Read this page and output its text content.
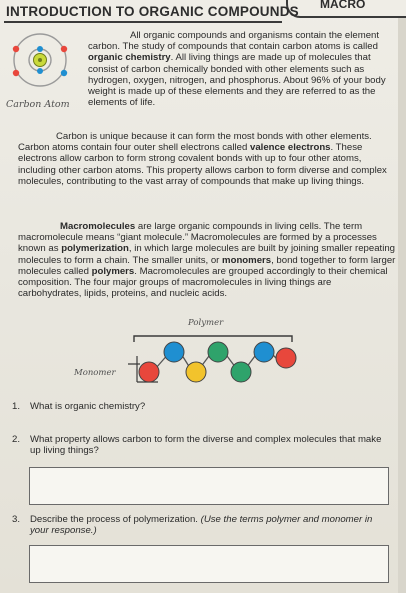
MACRO
INTRODUCTION TO ORGANIC COMPOUNDS
Carbon Atom

All organic compounds and organisms contain the element carbon. The study of compounds that contain carbon atoms is called organic chemistry. All living things are made up of molecules that consist of carbon chemically bonded with other elements such as hydrogen, oxygen, nitrogen, and phosphorus. About 96% of your body weight is made up of these elements and they are referred to as the elements of life.

Carbon is unique because it can form the most bonds with other elements. Carbon atoms contain four outer shell electrons called valence electrons. These electrons allow carbon to form strong covalent bonds with up to four other atoms, including other carbon atoms. This property allows carbon to form diverse and complex molecules, contributing to the vast array of compounds that make up living things.

Macromolecules are large organic compounds in living cells. The term macromolecule means “giant molecule.” Macromolecules are formed by a processes known as polymerization, in which large molecules are built by joining smaller repeating molecules to form a chain. The smaller units, or monomers, bond together to form larger molecules called polymers. Macromolecules are grouped accordingly to their chemical composition. The four major groups of macromolecules in living things are carbohydrates, lipids, proteins, and nucleic acids.

Polymer
Monomer
1. What is organic chemistry?
2. What property allows carbon to form the diverse and complex molecules that make up living things?
3. Describe the process of polymerization. (Use the terms polymer and monomer in your response.)
